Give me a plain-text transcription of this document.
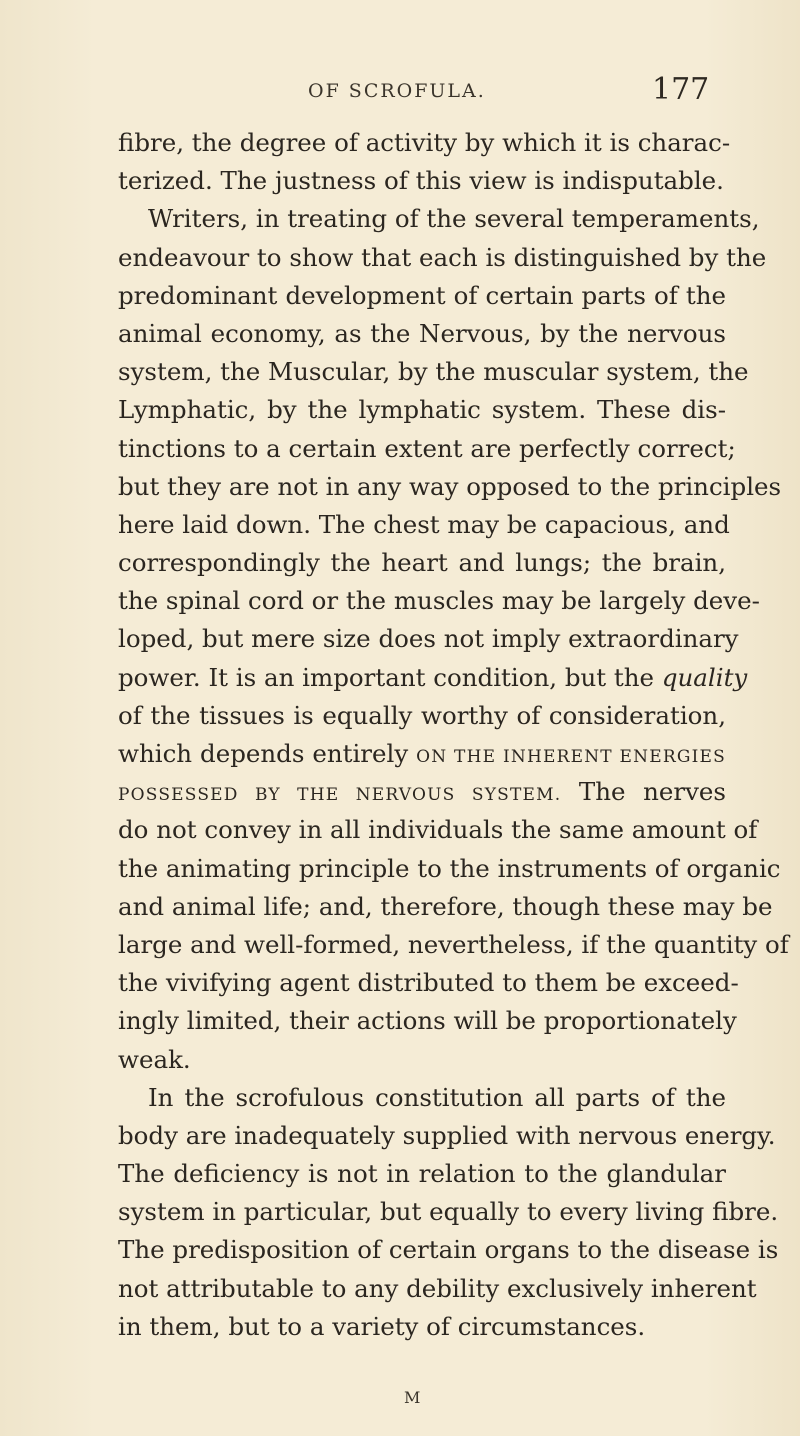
OF SCROFULA.	177
fibre, the degree of activity by which it is charac-
terized. The justness of this view is indisputable.
Writers, in treating of the several temperaments,
endeavour to show that each is distinguished by the
predominant development of certain parts of the
animal economy, as the Nervous, by the nervous
system, the Muscular, by the muscular system, the
Lymphatic, by the lymphatic system. These dis-
tinctions to a certain extent are perfectly correct;
but they are not in any way opposed to the principles
here laid down. The chest may be capacious, and
correspondingly the heart and lungs; the brain,
the spinal cord or the muscles may be largely deve-
loped, but mere size does not imply extraordinary
power. It is an important condition, but the quality
of the tissues is equally worthy of consideration,
which depends entirely ON THE INHERENT ENERGIES
POSSESSED BY THE NERVOUS SYSTEM. The nerves
do not convey in all individuals the same amount of
the animating principle to the instruments of organic
and animal life; and, therefore, though these may be
large and well-formed, nevertheless, if the quantity of
the vivifying agent distributed to them be exceed-
ingly limited, their actions will be proportionately
weak.
In the scrofulous constitution all parts of the
body are inadequately supplied with nervous energy.
The deficiency is not in relation to the glandular
system in particular, but equally to every living fibre.
The predisposition of certain organs to the disease is
not attributable to any debility exclusively inherent
in them, but to a variety of circumstances.
M
